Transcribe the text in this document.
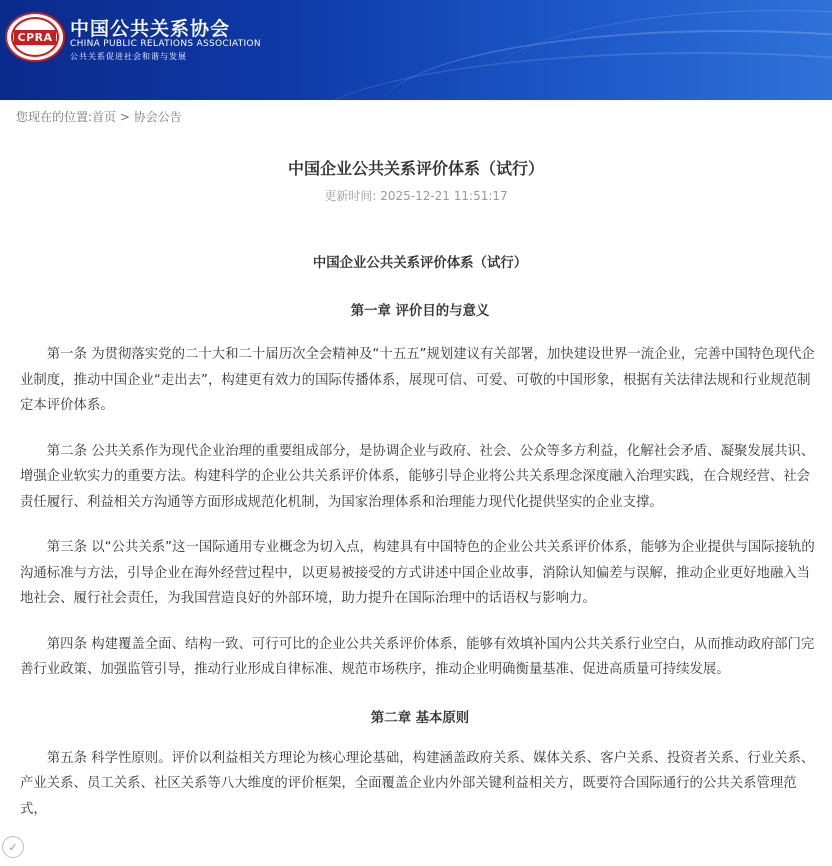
CPRA 中国公共关系协会
CHINA PUBLIC RELATIONS ASSOCIATION
公共关系促进社会和谐与发展
您现在的位置:首页 > 协会公告
中国企业公共关系评价体系（试行）
更新时间: 2025-12-21 11:51:17

中国企业公共关系评价体系（试行）

第一章 评价目的与意义

第一条 为贯彻落实党的二十大和二十届历次全会精神及“十五五”规划建议有关部署，加快建设世界一流企业，完善中国特色现代企业制度，推动中国企业“走出去”，构建更有效力的国际传播体系，展现可信、可爱、可敬的中国形象，根据有关法律法规和行业规范制定本评价体系。

第二条 公共关系作为现代企业治理的重要组成部分，是协调企业与政府、社会、公众等多方利益，化解社会矛盾、凝聚发展共识、增强企业软实力的重要方法。构建科学的企业公共关系评价体系，能够引导企业将公共关系理念深度融入治理实践，在合规经营、社会责任履行、利益相关方沟通等方面形成规范化机制，为国家治理体系和治理能力现代化提供坚实的企业支撑。

第三条 以“公共关系”这一国际通用专业概念为切入点，构建具有中国特色的企业公共关系评价体系，能够为企业提供与国际接轨的沟通标准与方法，引导企业在海外经营过程中，以更易被接受的方式讲述中国企业故事，消除认知偏差与误解，推动企业更好地融入当地社会、履行社会责任，为我国营造良好的外部环境，助力提升在国际治理中的话语权与影响力。

第四条 构建覆盖全面、结构一致、可行可比的企业公共关系评价体系，能够有效填补国内公共关系行业空白，从而推动政府部门完善行业政策、加强监管引导，推动行业形成自律标准、规范市场秩序，推动企业明确衡量基准、促进高质量可持续发展。

第二章 基本原则

第五条 科学性原则。评价以利益相关方理论为核心理论基础，构建涵盖政府关系、媒体关系、客户关系、投资者关系、行业关系、产业关系、员工关系、社区关系等八大维度的评价框架，全面覆盖企业内外部关键利益相关方，既要符合国际通行的公共关系管理范式，

✓
